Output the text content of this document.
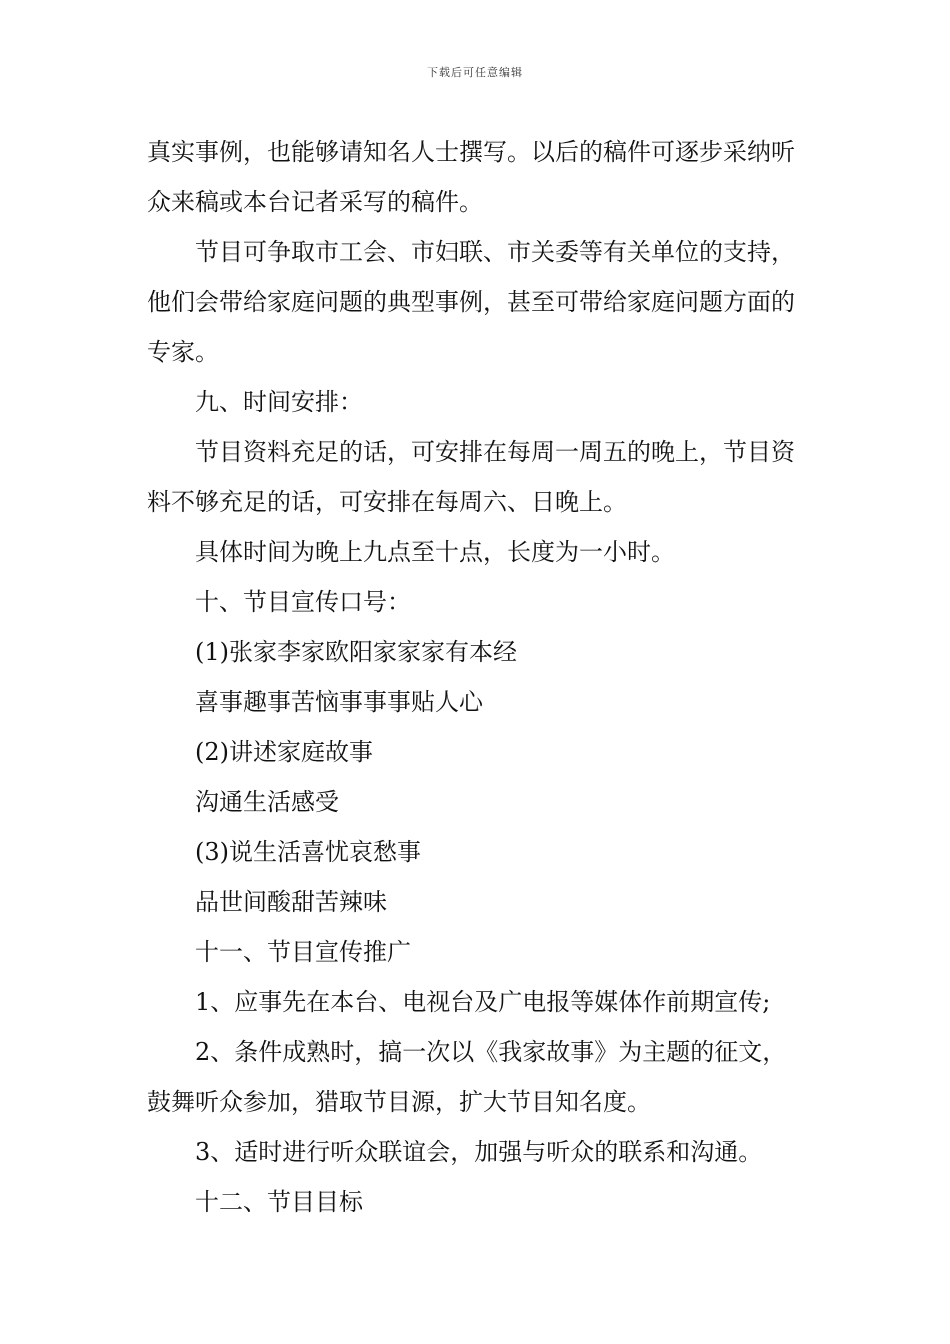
下载后可任意编辑

真实事例，也能够请知名人士撰写。以后的稿件可逐步采纳听众来稿或本台记者采写的稿件。

节目可争取市工会、市妇联、市关委等有关单位的支持，他们会带给家庭问题的典型事例，甚至可带给家庭问题方面的专家。

九、时间安排：

节目资料充足的话，可安排在每周一周五的晚上，节目资料不够充足的话，可安排在每周六、日晚上。

具体时间为晚上九点至十点，长度为一小时。

十、节目宣传口号：

(1)张家李家欧阳家家家有本经

喜事趣事苦恼事事事贴人心

(2)讲述家庭故事

沟通生活感受

(3)说生活喜忧哀愁事

品世间酸甜苦辣味

十一、节目宣传推广

1、应事先在本台、电视台及广电报等媒体作前期宣传;

2、条件成熟时，搞一次以《我家故事》为主题的征文，鼓舞听众参加，猎取节目源，扩大节目知名度。

3、适时进行听众联谊会，加强与听众的联系和沟通。

十二、节目目标
